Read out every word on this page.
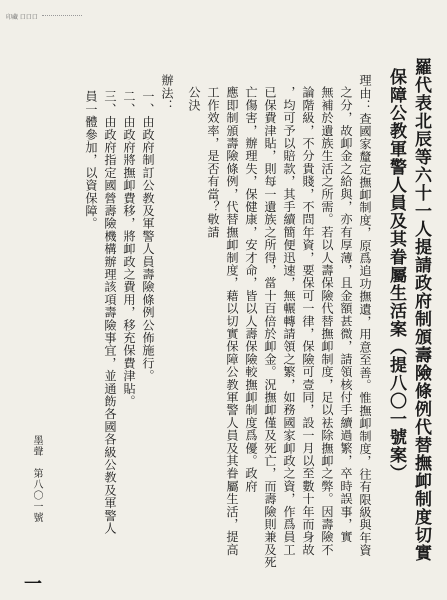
印藏 口口口
羅代表北辰等六十一人提請政府制頒壽險條例代替撫卹制度切實
保障公教軍警人員及其眷屬生活案（提八〇一號案）
理由：查國家釐定撫卹制度，原爲追功撫遺，用意至善。惟撫卹制度，往有限級與年資
之分，故卹金之給與，亦有厚薄，且金額甚微，請領核付手續過繁，卒時誤事，實
無補於遺族生活之所需。若以人壽保險代替撫卹制度，足以袪除撫卹之弊。因壽險不
論階級，不分貴賤，不問年資，要保可一律，保險可壹同，設一月以至數十年而身故
，均可予以賠款，其手續簡便迅速，無輾轉請領之繁，如務國家卹政之資，作爲員工
已保費津貼，則每一遺族之所得，當十百倍於卹金。況撫卹僅及死亡，而壽險則兼及死
亡傷害，辦理失，保健康，安才命，皆以人壽保險較撫卹制度爲優。政府
應即制頒壽險條例，代替撫卹制度，藉以切實保障公教軍警人員及其眷屬生活，提高
工作效率，是否有當？敬請
公決
辦法：
一、由政府制訂公教及軍警人員壽險條例公佈施行。
二、由政府將撫卹費移，將卹政之費用，移充保費津貼。
三、由政府指定國營壽險機構辦理該項壽險事宜，並通飭各國各級公教及軍警人
員一體參加，以資保障。
墨聲　第八〇一號
一
